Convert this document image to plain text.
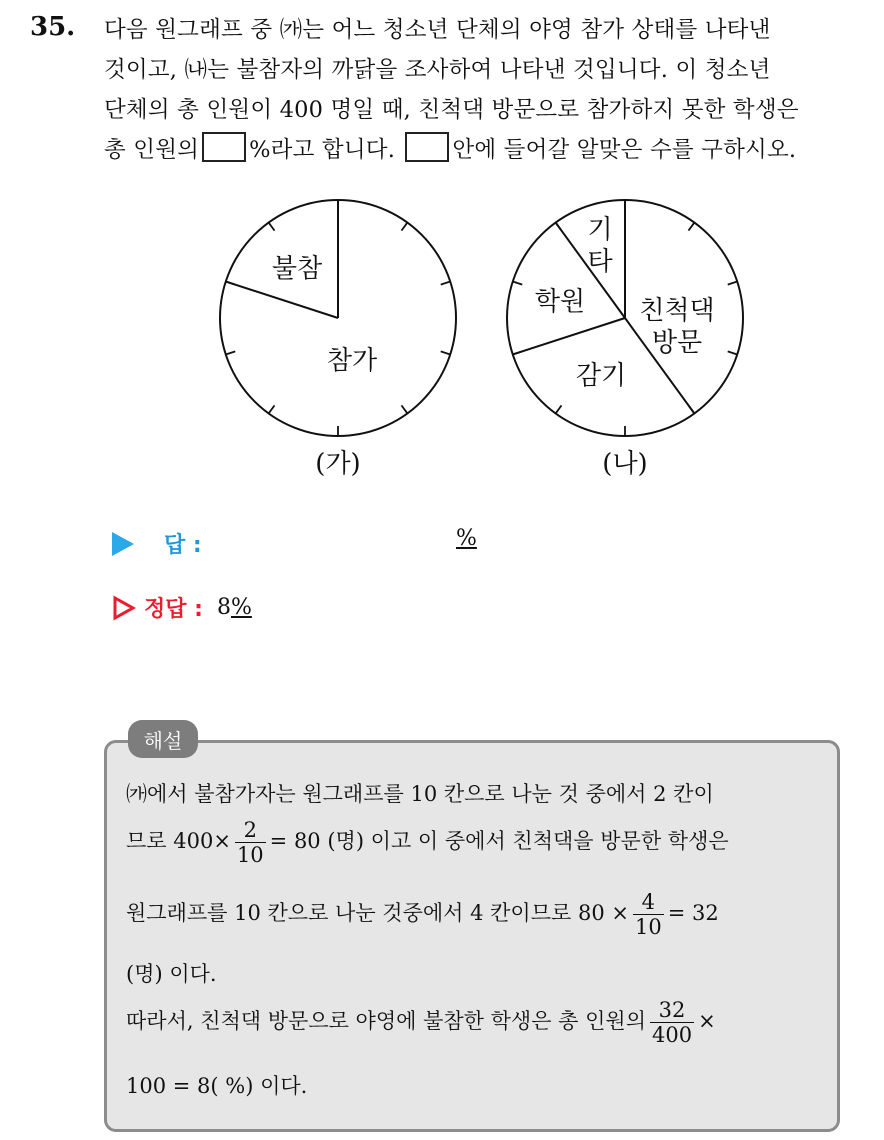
35. 다음 원그래프 중 ㈎는 어느 청소년 단체의 야영 참가 상태를 나타낸
것이고, ㈏는 불참자의 까닭을 조사하여 나타낸 것입니다. 이 청소년
단체의 총 인원이 400 명일 때, 친척댁 방문으로 참가하지 못한 학생은
총 인원의 %라고 합니다.	안에 들어갈 알맞은 수를 구하시오.
불참
참가
(가)
기
타
학원 친척댁
방문
감기
(나)
답 :	%
정답 : 8%
해설
㈎에서 불참가자는 원그래프를 10 칸으로 나눈 것 중에서 2 칸이
므로 $400\times \frac{2}{10} = 80$ (명) 이고 이 중에서 친척댁을 방문한 학생은
원그래프를 10 칸으로 나눈 것중에서 4 칸이므로 $80 \times \frac{4}{10} = 32$
(명) 이다.
따라서, 친척댁 방문으로 야영에 불참한 학생은 총 인원의 $\frac{32}{400}$ ×
100 = 8( %) 이다.
